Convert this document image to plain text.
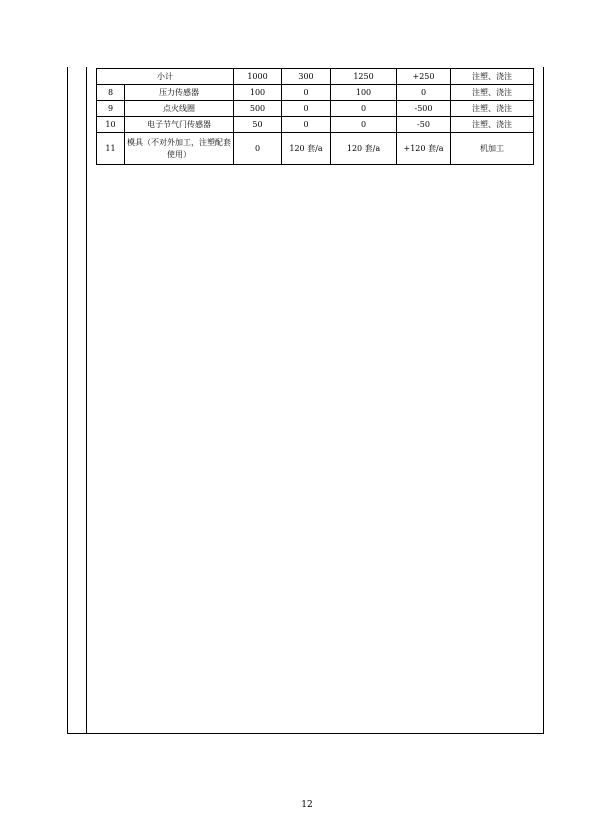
小计		1000	300	1250	+250	注塑、浇注
8	压力传感器	100	0	100	0	注塑、浇注
9	点火线圈	500	0	0	-500	注塑、浇注
10	电子节气门传感器	50	0	0	-50	注塑、浇注
11	模具（不对外加工，注塑配套使用）	0	120 套/a	120 套/a	+120 套/a	机加工
12
